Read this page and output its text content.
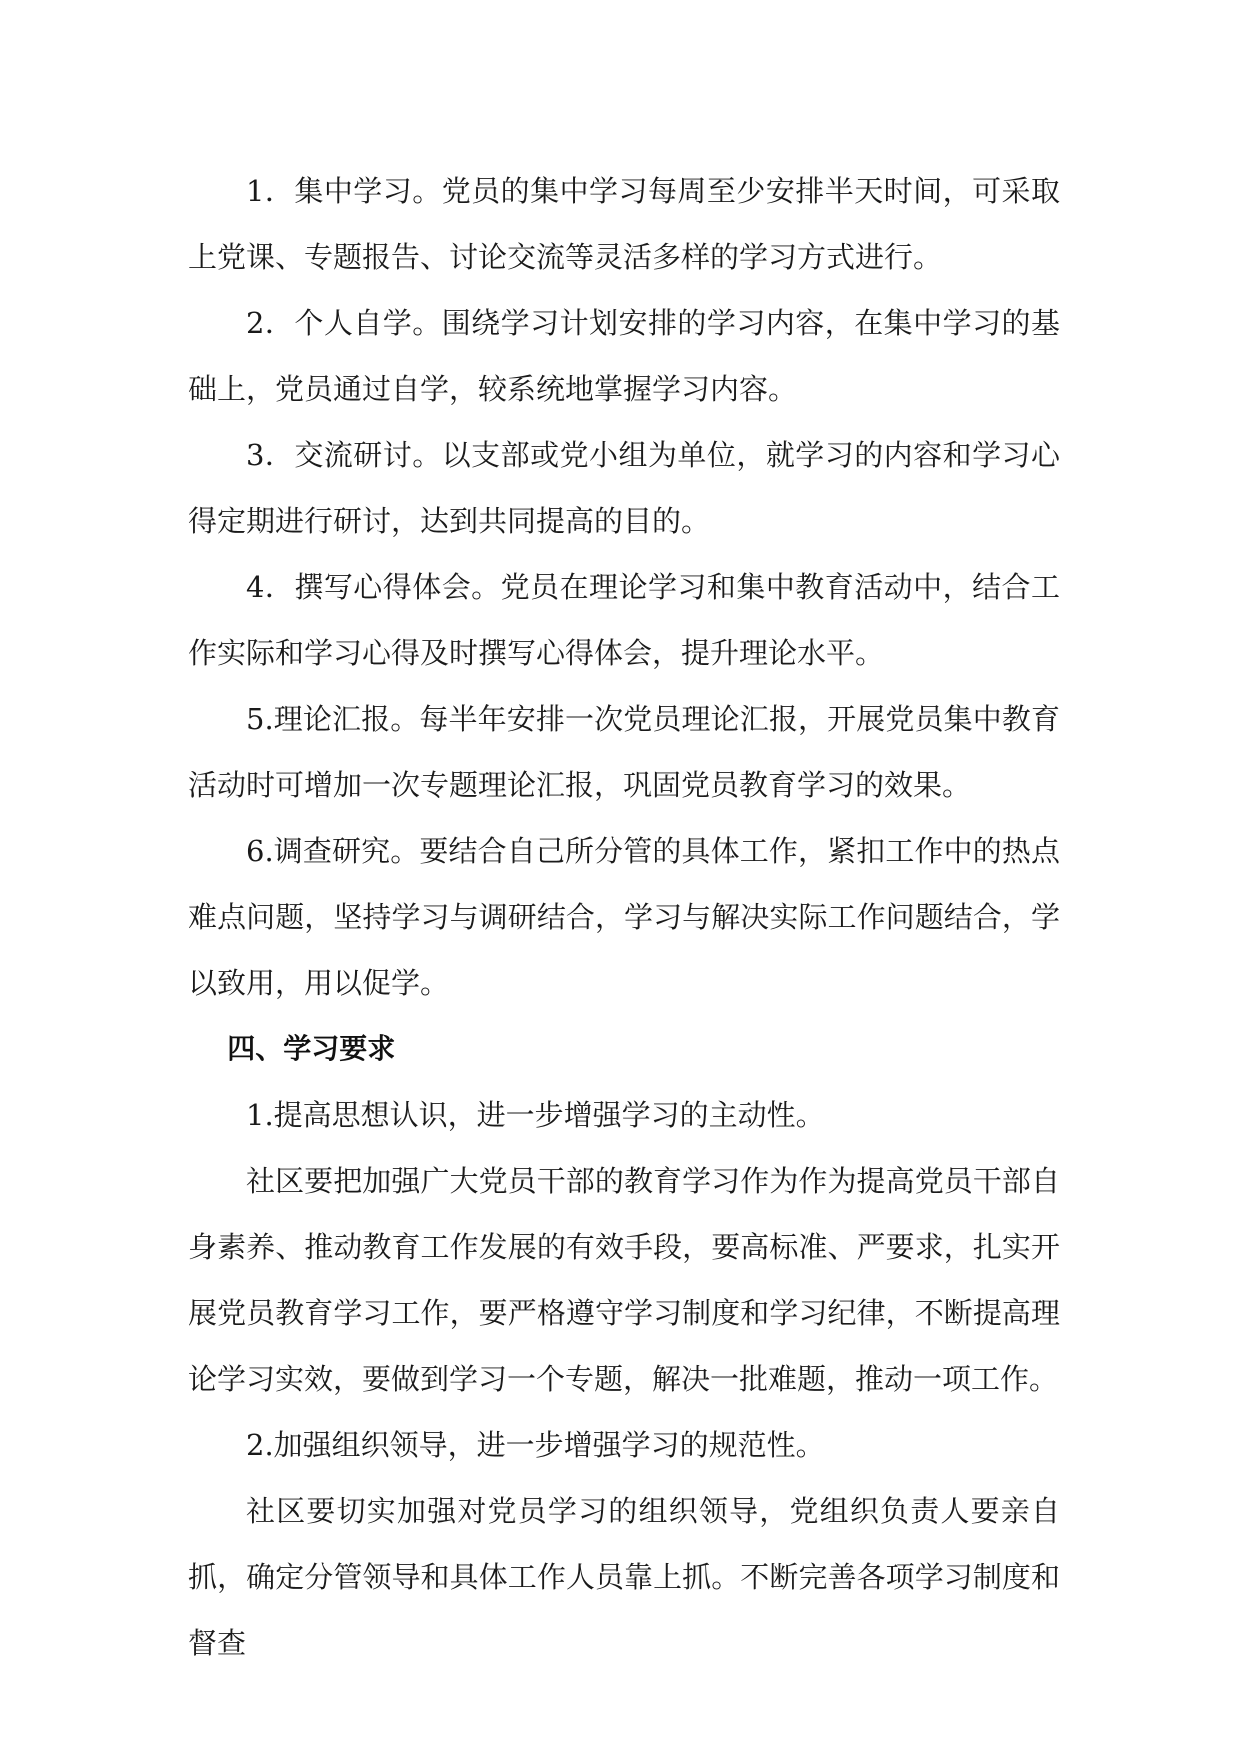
1．集中学习。党员的集中学习每周至少安排半天时间，可采取上党课、专题报告、讨论交流等灵活多样的学习方式进行。

2．个人自学。围绕学习计划安排的学习内容，在集中学习的基础上，党员通过自学，较系统地掌握学习内容。

3．交流研讨。以支部或党小组为单位，就学习的内容和学习心得定期进行研讨，达到共同提高的目的。

4．撰写心得体会。党员在理论学习和集中教育活动中，结合工作实际和学习心得及时撰写心得体会，提升理论水平。

5.理论汇报。每半年安排一次党员理论汇报，开展党员集中教育活动时可增加一次专题理论汇报，巩固党员教育学习的效果。

6.调查研究。要结合自己所分管的具体工作，紧扣工作中的热点难点问题，坚持学习与调研结合，学习与解决实际工作问题结合，学以致用，用以促学。

四、学习要求

1.提高思想认识，进一步增强学习的主动性。

社区要把加强广大党员干部的教育学习作为作为提高党员干部自身素养、推动教育工作发展的有效手段，要高标准、严要求，扎实开展党员教育学习工作，要严格遵守学习制度和学习纪律，不断提高理论学习实效，要做到学习一个专题，解决一批难题，推动一项工作。

2.加强组织领导，进一步增强学习的规范性。

社区要切实加强对党员学习的组织领导，党组织负责人要亲自抓，确定分管领导和具体工作人员靠上抓。不断完善各项学习制度和督查
